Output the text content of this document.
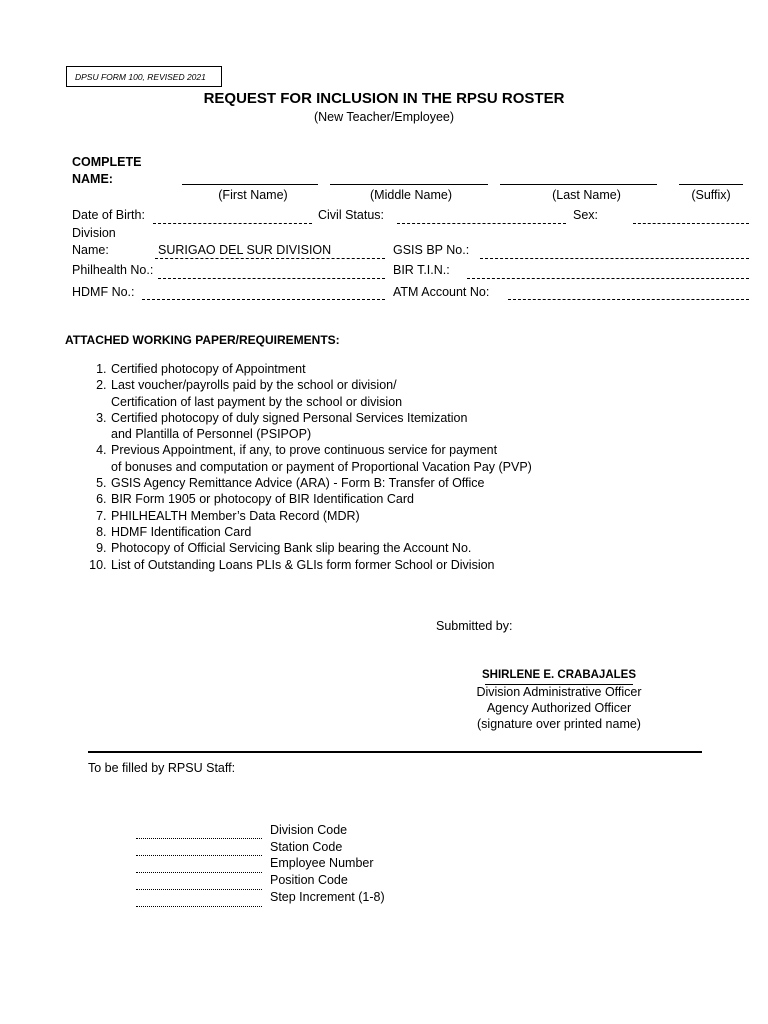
DPSU FORM 100, REVISED 2021
REQUEST FOR INCLUSION IN THE RPSU ROSTER
(New Teacher/Employee)
COMPLETE
NAME:
(First Name)	(Middle Name)	(Last Name)	(Suffix)
Date of Birth:	Civil Status:	Sex:
Division
Name:	SURIGAO DEL SUR DIVISION	GSIS BP No.:
Philhealth No.:	BIR T.I.N.:
HDMF No.:	ATM Account No:
ATTACHED WORKING PAPER/REQUIREMENTS:
1. Certified photocopy of Appointment
2. Last voucher/payrolls paid by the school or division/
Certification of last payment by the school or division
3. Certified photocopy of duly signed Personal Services Itemization
and Plantilla of Personnel (PSIPOP)
4. Previous Appointment, if any, to prove continuous service for payment
of bonuses and computation or payment of Proportional Vacation Pay (PVP)
5. GSIS Agency Remittance Advice (ARA) - Form B: Transfer of Office
6. BIR Form 1905 or photocopy of BIR Identification Card
7. PHILHEALTH Member’s Data Record (MDR)
8. HDMF Identification Card
9. Photocopy of Official Servicing Bank slip bearing the Account No.
10. List of Outstanding Loans PLIs & GLIs form former School or Division
Submitted by:
SHIRLENE E. CRABAJALES
Division Administrative Officer
Agency Authorized Officer
(signature over printed name)
To be filled by RPSU Staff:
Division Code
Station Code
Employee Number
Position Code
Step Increment (1-8)
